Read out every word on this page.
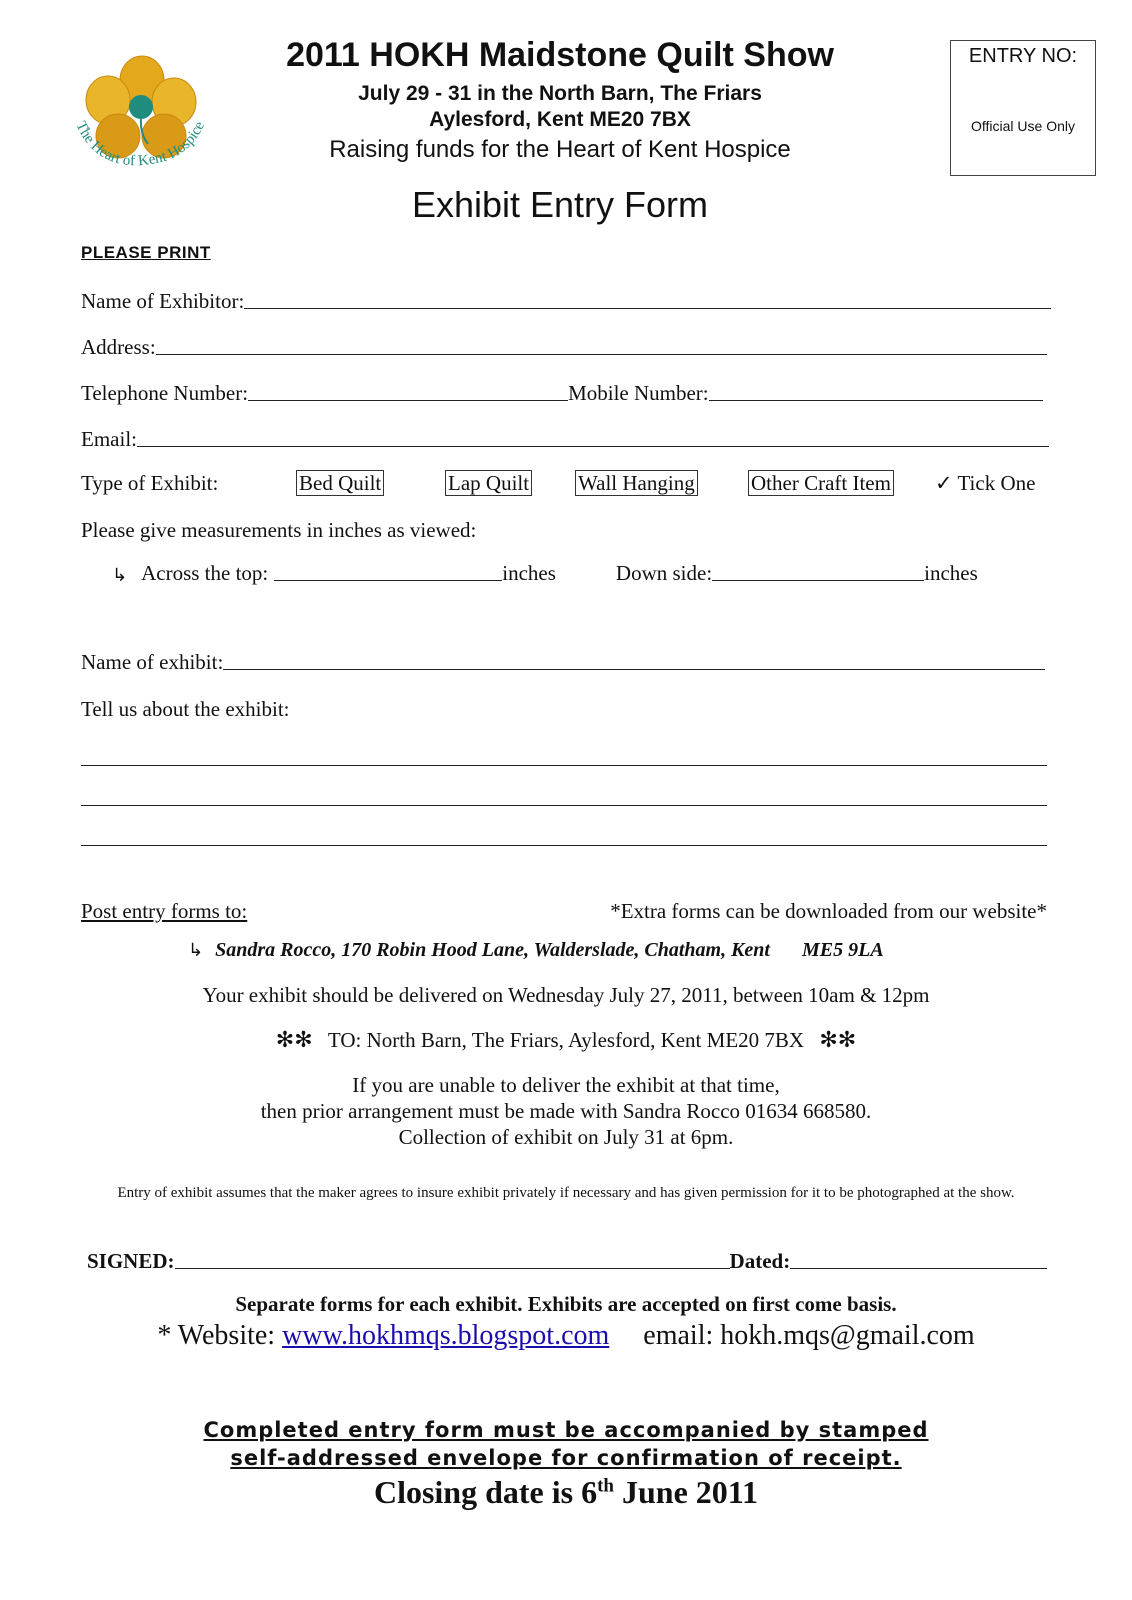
The Heart of Kent Hospice
2011 HOKH Maidstone Quilt Show
July 29 - 31 in the North Barn, The Friars
Aylesford, Kent ME20 7BX
Raising funds for the Heart of Kent Hospice
Exhibit Entry Form
ENTRY NO:
Official Use Only
PLEASE PRINT
Name of Exhibitor:
Address:
Telephone Number:	Mobile Number:
Email:
Type of Exhibit:	Bed Quilt	Lap Quilt Wall Hanging	Other Craft Item ✓ Tick One
Please give measurements in inches as viewed:
↳ Across the top:	inches	Down side:	inches
Name of exhibit:
Tell us about the exhibit:
Post entry forms to:	*Extra forms can be downloaded from our website*
↳ Sandra Rocco, 170 Robin Hood Lane, Walderslade, Chatham, Kent ME5 9LA
Your exhibit should be delivered on Wednesday July 27, 2011, between 10am & 12pm
✻✻ TO: North Barn, The Friars, Aylesford, Kent ME20 7BX ✻✻
If you are unable to deliver the exhibit at that time,
then prior arrangement must be made with Sandra Rocco 01634 668580.
Collection of exhibit on July 31 at 6pm.
Entry of exhibit assumes that the maker agrees to insure exhibit privately if necessary and has given permission for it to be photographed at the show.
SIGNED:	Dated:
Separate forms for each exhibit. Exhibits are accepted on first come basis.
* Website: www.hokhmqs.blogspot.com email: hokh.mqs@gmail.com
Completed entry form must be accompanied by stamped
self-addressed envelope for confirmation of receipt.
Closing date is 6th June 2011
